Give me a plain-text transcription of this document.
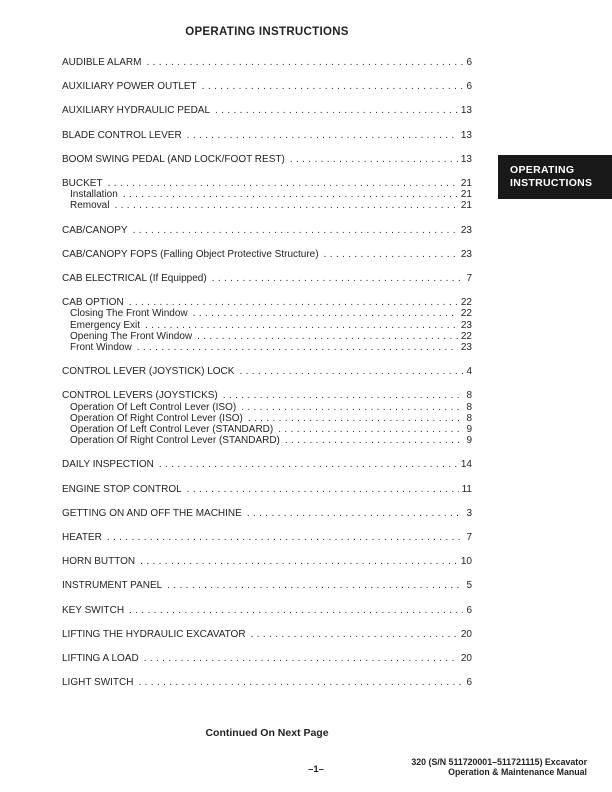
OPERATING INSTRUCTIONS
AUDIBLE ALARM . . .	6
AUXILIARY POWER OUTLET . . .	6
AUXILIARY HYDRAULIC PEDAL . . .	13
BLADE CONTROL LEVER . . .	13
BOOM SWING PEDAL (AND LOCK/FOOT REST) . . .	13
BUCKET . . .	21
Installation . . .	21
Removal . . .	21
CAB/CANOPY . . .	23
CAB/CANOPY FOPS (Falling Object Protective Structure) . . .	23
CAB ELECTRICAL (If Equipped) . . .	7
CAB OPTION . . .	22
Closing The Front Window . . .	22
Emergency Exit . . .	23
Opening The Front Window . . .	22
Front Window . . .	23
CONTROL LEVER (JOYSTICK) LOCK . . .	4
CONTROL LEVERS (JOYSTICKS) . . .	8
Operation Of Left Control Lever (ISO) . . .	8
Operation Of Right Control Lever (ISO) . . .	8
Operation Of Left Control Lever (STANDARD) . . .	9
Operation Of Right Control Lever (STANDARD) . . .	9
DAILY INSPECTION . . .	14
ENGINE STOP CONTROL . . .	11
GETTING ON AND OFF THE MACHINE . . .	3
HEATER . . .	7
HORN BUTTON . . .	10
INSTRUMENT PANEL . . .	5
KEY SWITCH . . .	6
LIFTING THE HYDRAULIC EXCAVATOR . . .	20
LIFTING A LOAD . . .	20
LIGHT SWITCH . . .	6
OPERATING
INSTRUCTIONS
Continued On Next Page
–1–
320 (S/N 511720001–511721115) Excavator
Operation & Maintenance Manual
